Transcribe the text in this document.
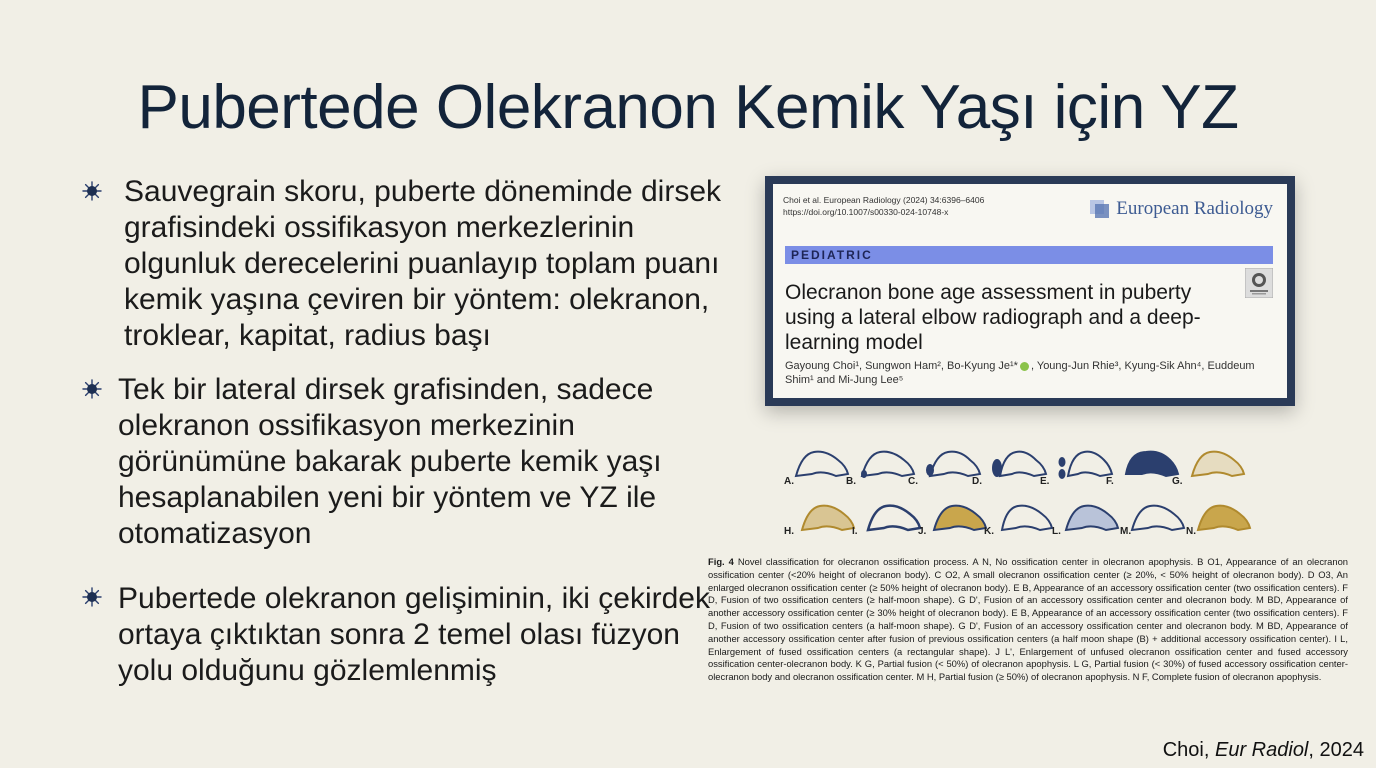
Pubertede Olekranon Kemik Yaşı için YZ
Sauvegrain skoru, puberte döneminde dirsek grafisindeki ossifikasyon merkezlerinin olgunluk derecelerini puanlayıp toplam puanı kemik yaşına çeviren bir yöntem: olekranon, troklear, kapitat, radius başı
Tek bir lateral dirsek grafisinden, sadece olekranon ossifikasyon merkezinin görünümüne bakarak puberte kemik yaşı hesaplanabilen yeni bir yöntem ve YZ ile otomatizasyon
Pubertede olekranon gelişiminin, iki çekirdek ortaya çıktıktan sonra 2 temel olası füzyon yolu olduğunu gözlemlenmiş
Choi et al. European Radiology (2024) 34:6396–6406
https://doi.org/10.1007/s00330-024-10748-x	European Radiology
PEDIATRIC
Olecranon bone age assessment in puberty using a lateral elbow radiograph and a deep-learning model
Gayoung Choi¹, Sungwon Ham², Bo-Kyung Je¹* , Young-Jun Rhie³, Kyung-Sik Ahn⁴, Euddeum Shim¹ and Mi-Jung Lee⁵
A.	B.	C.	D.	E.	F.	G.
H.	I.	J.	K.	L.	M.	N.
Fig. 4 Novel classification for olecranon ossification process. A N, No ossification center in olecranon apophysis. B O1, Appearance of an olecranon ossification center (<20% height of olecranon body). C O2, A small olecranon ossification center (≥ 20%, < 50% height of olecranon body). D O3, An enlarged olecranon ossification center (≥ 50% height of olecranon body). E B, Appearance of an accessory ossification center (two ossification centers). F D, Fusion of two ossification centers (≥ half-moon shape). G D', Fusion of an accessory ossification center and olecranon body. M BD, Appearance of another accessory ossification center (≥ 30% height of olecranon body). E B, Appearance of an accessory ossification center (two ossification centers). F D, Fusion of two ossification centers (a half-moon shape). G D', Fusion of an accessory ossification center and olecranon body. M BD, Appearance of another accessory ossification center after fusion of previous ossification centers (a half moon shape (B) + additional accessory ossification center). I L, Enlargement of fused ossification centers (a rectangular shape). J L', Enlargement of unfused olecranon ossification center and fused accessory ossification center-olecranon body. K G, Partial fusion (< 50%) of olecranon apophysis. L G, Partial fusion (< 30%) of fused accessory ossification center-olecranon body and olecranon ossification center. M H, Partial fusion (≥ 50%) of olecranon apophysis. N F, Complete fusion of olecranon apophysis.
Choi, Eur Radiol, 2024
